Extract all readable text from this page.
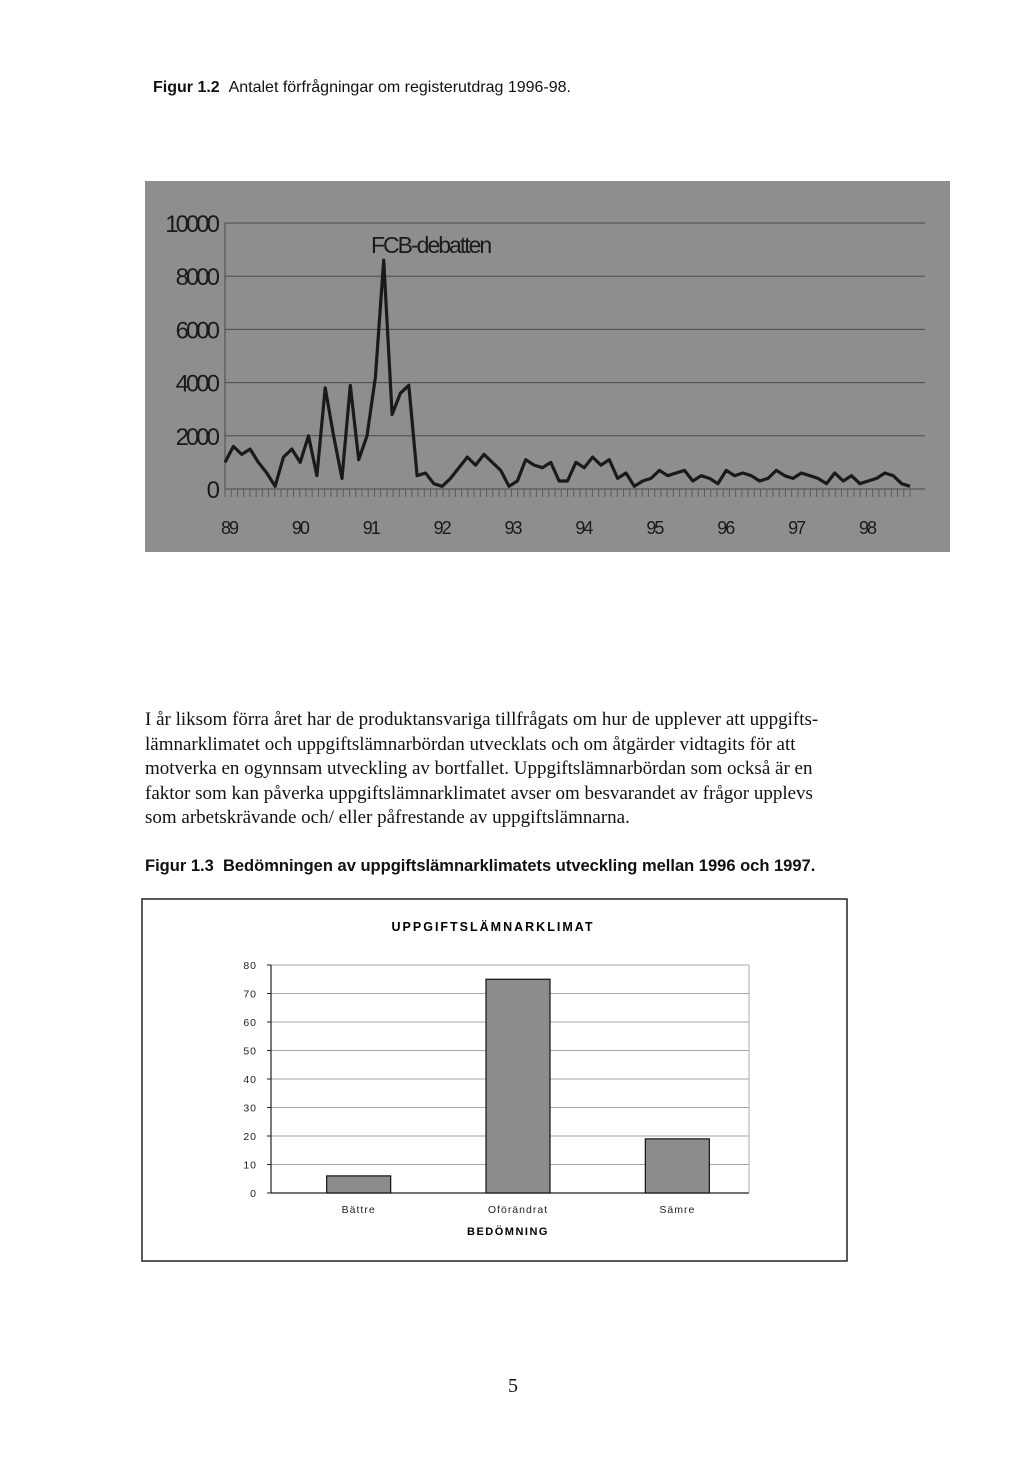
Figur 1.2 Antalet förfrågningar om registerutdrag 1996-98.
10000
8000
6000
4000
2000
0
89	90	91	92	93	94	95	96	97	98
FCB-debatten
I år liksom förra året har de produktansvariga tillfrågats om hur de upplever att uppgifts-
lämnarklimatet och uppgiftslämnarbördan utvecklats och om åtgärder vidtagits för att
motverka en ogynnsam utveckling av bortfallet. Uppgiftslämnarbördan som också är en
faktor som kan påverka uppgiftslämnarklimatet avser om besvarandet av frågor upplevs
som arbetskrävande och/ eller påfrestande av uppgiftslämnarna.
Figur 1.3 Bedömningen av uppgiftslämnarklimatets utveckling mellan 1996 och 1997.
UPPGIFTSLÄMNARKLIMAT
0
10
20
30
40
50
60
70
80
Bättre	Oförändrat	Sämre
BEDÖMNING
5
